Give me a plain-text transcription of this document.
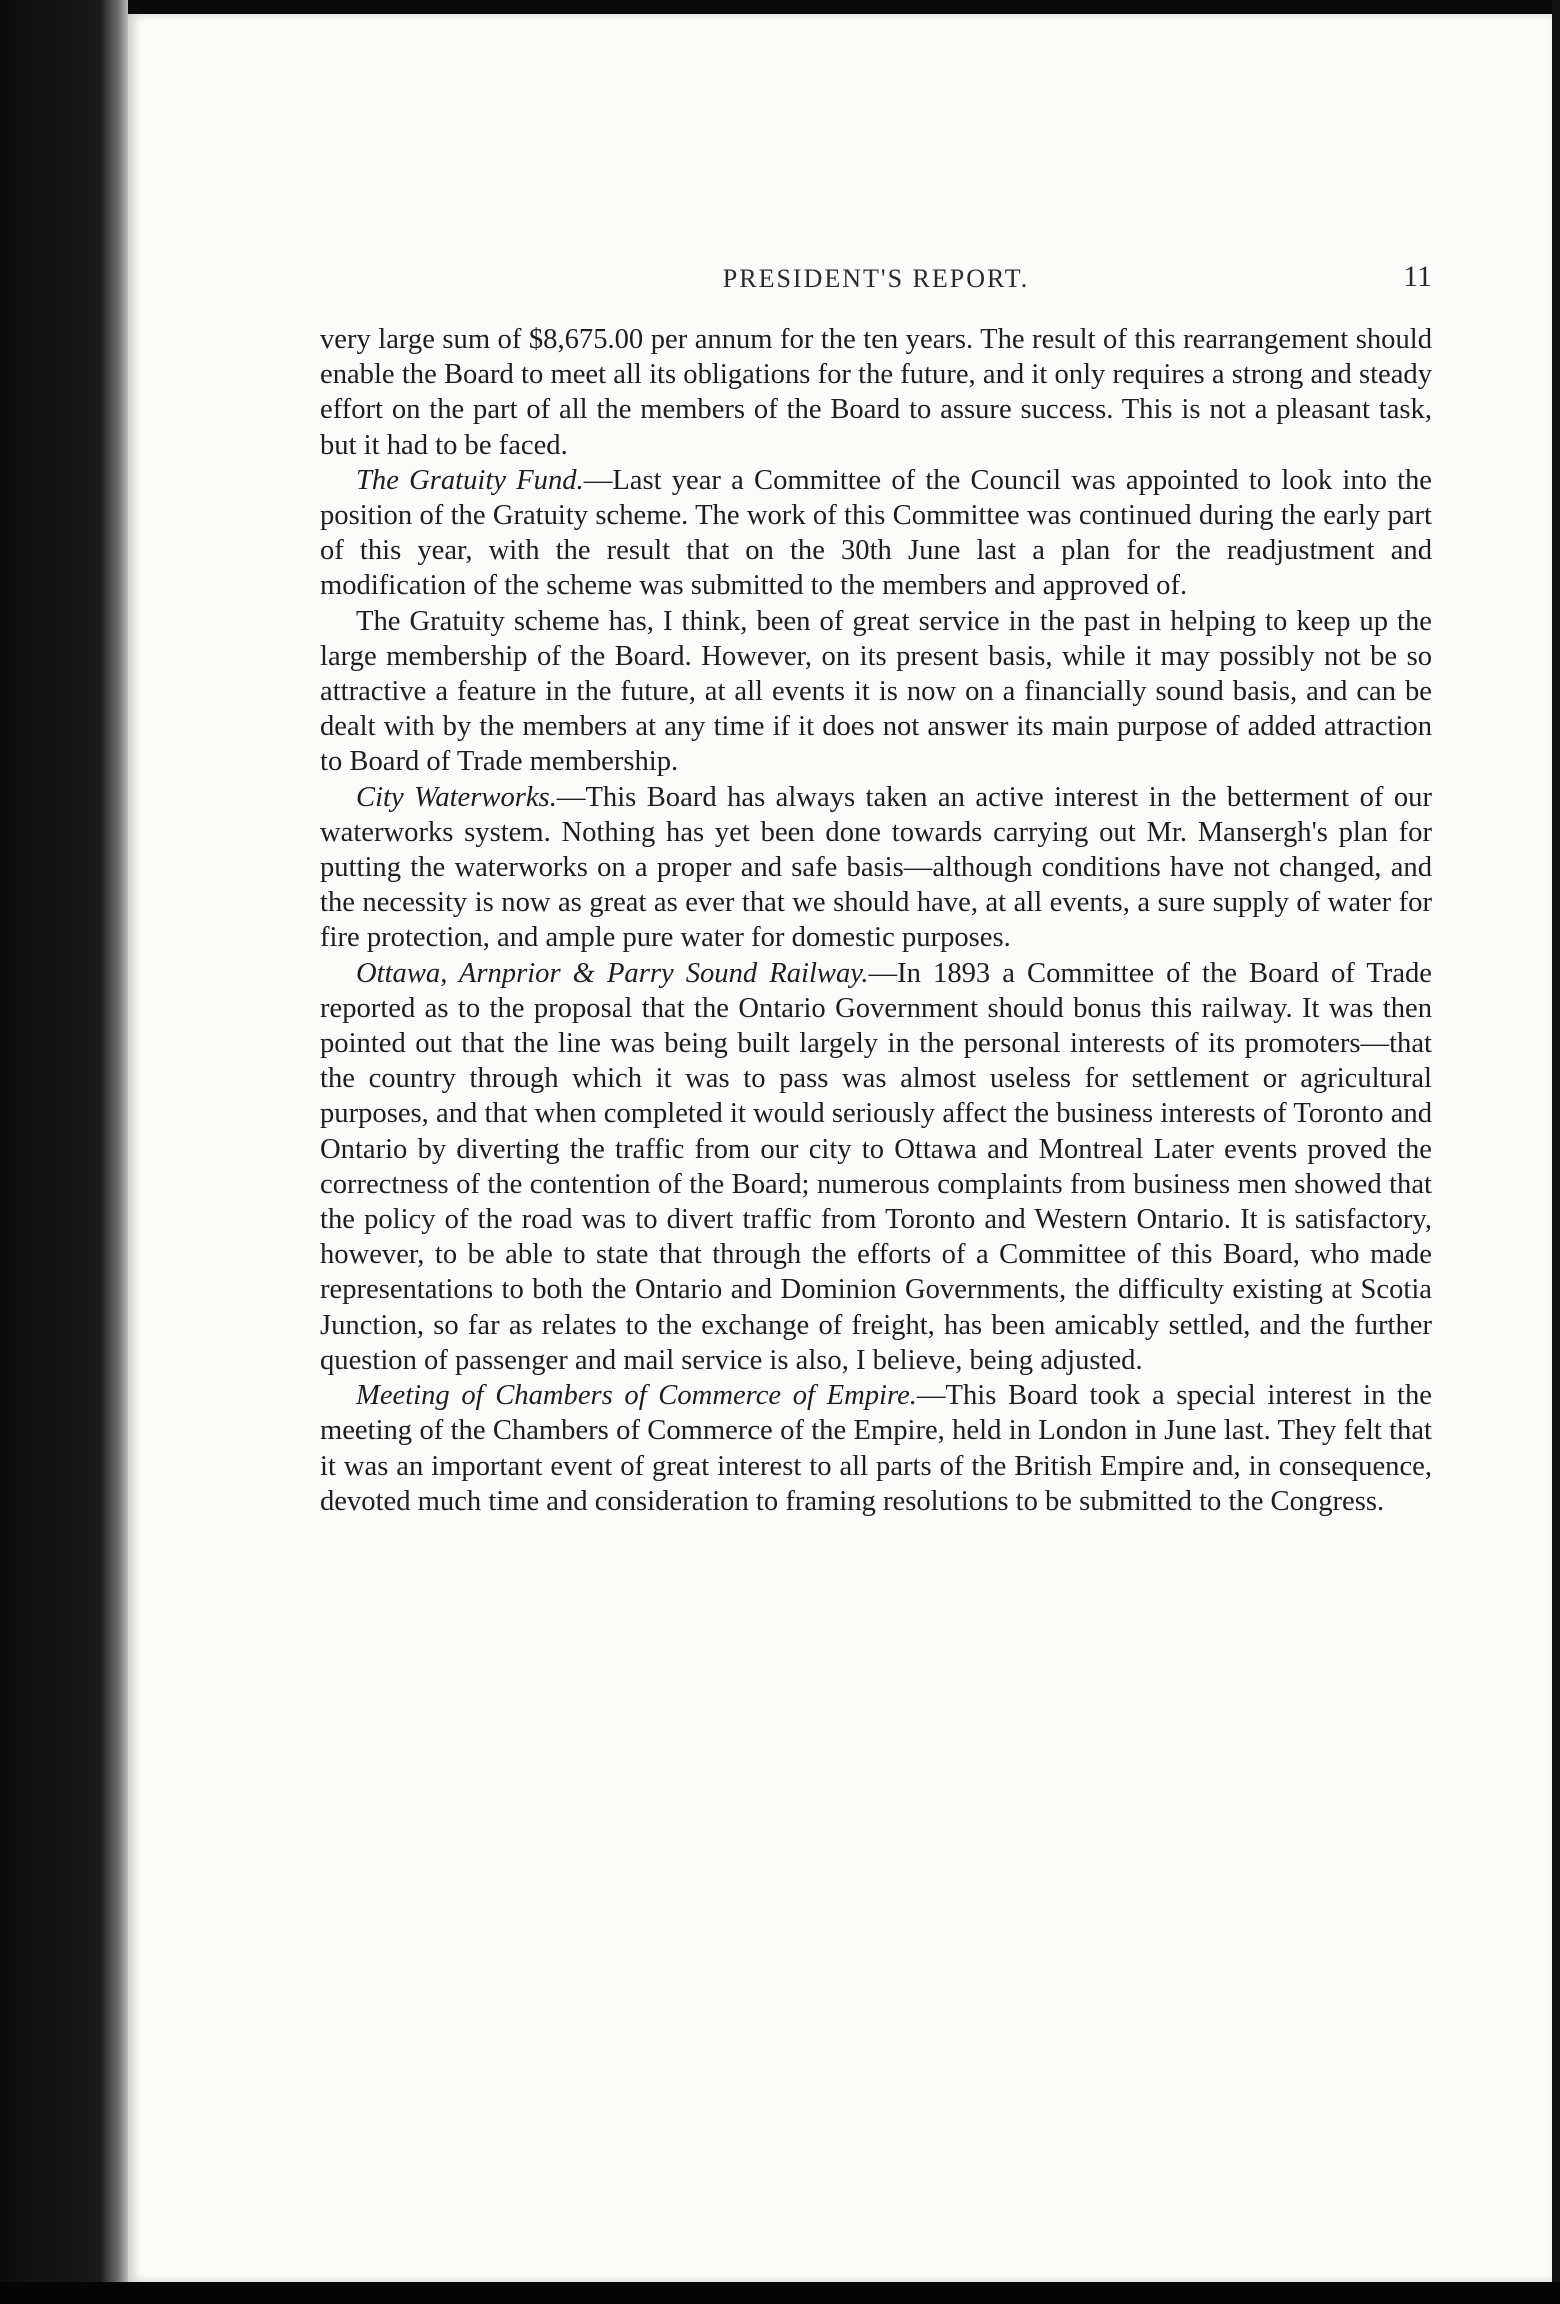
PRESIDENT'S REPORT.	11

very large sum of $8,675.00 per annum for the ten years. The result of this rearrangement should enable the Board to meet all its obligations for the future, and it only requires a strong and steady effort on the part of all the members of the Board to assure success. This is not a pleasant task, but it had to be faced.

The Gratuity Fund.—Last year a Committee of the Council was appointed to look into the position of the Gratuity scheme. The work of this Committee was continued during the early part of this year, with the result that on the 30th June last a plan for the readjustment and modification of the scheme was submitted to the members and approved of.

The Gratuity scheme has, I think, been of great service in the past in helping to keep up the large membership of the Board. However, on its present basis, while it may possibly not be so attractive a feature in the future, at all events it is now on a financially sound basis, and can be dealt with by the members at any time if it does not answer its main purpose of added attraction to Board of Trade membership.

City Waterworks.—This Board has always taken an active interest in the betterment of our waterworks system. Nothing has yet been done towards carrying out Mr. Mansergh's plan for putting the waterworks on a proper and safe basis—although conditions have not changed, and the necessity is now as great as ever that we should have, at all events, a sure supply of water for fire protection, and ample pure water for domestic purposes.

Ottawa, Arnprior & Parry Sound Railway.—In 1893 a Committee of the Board of Trade reported as to the proposal that the Ontario Government should bonus this railway. It was then pointed out that the line was being built largely in the personal interests of its promoters—that the country through which it was to pass was almost useless for settlement or agricultural purposes, and that when completed it would seriously affect the business interests of Toronto and Ontario by diverting the traffic from our city to Ottawa and Montreal Later events proved the correctness of the contention of the Board; numerous complaints from business men showed that the policy of the road was to divert traffic from Toronto and Western Ontario. It is satisfactory, however, to be able to state that through the efforts of a Committee of this Board, who made representations to both the Ontario and Dominion Governments, the difficulty existing at Scotia Junction, so far as relates to the exchange of freight, has been amicably settled, and the further question of passenger and mail service is also, I believe, being adjusted.

Meeting of Chambers of Commerce of Empire.—This Board took a special interest in the meeting of the Chambers of Commerce of the Empire, held in London in June last. They felt that it was an important event of great interest to all parts of the British Empire and, in consequence, devoted much time and consideration to framing resolutions to be submitted to the Congress.
